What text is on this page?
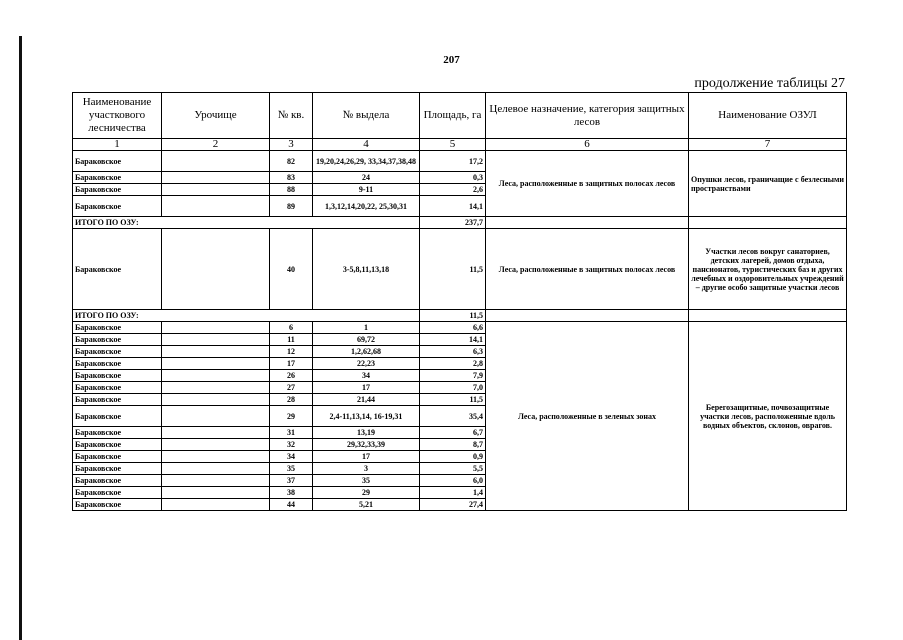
207
продолжение таблицы 27
Наименование участкового лесничества	Урочище	№ кв.	№ выдела	Площадь, га	Целевое назначение, категория защитных лесов	Наименование ОЗУЛ
1	2	3	4	5	6	7
Бараковское		82	19,20,24,26,29, 33,34,37,38,48	17,2	Леса, расположенные в защитных полосах лесов	Опушки лесов, граничащие с безлесными пространствами
Бараковское		83	24	0,3		
Бараковское		88	9-11	2,6		
Бараковское		89	1,3,12,14,20,22, 25,30,31	14,1		
ИТОГО ПО ОЗУ:				237,7		
Бараковское		40	3-5,8,11,13,18	11,5	Леса, расположенные в защитных полосах лесов	Участки лесов вокруг санаториев, детских лагерей, домов отдыха, пансионатов, туристических баз и других лечебных и оздоровительных учреждений – другие особо защитные участки лесов
ИТОГО ПО ОЗУ:				11,5		
Бараковское		6	1	6,6	Леса, расположенные в зеленых зонах	Берегозащитные, почвозащитные участки лесов, расположенные вдоль водных объектов, склонов, оврагов.
Бараковское		11	69,72	14,1		
Бараковское		12	1,2,62,68	6,3		
Бараковское		17	22,23	2,8		
Бараковское		26	34	7,9		
Бараковское		27	17	7,0		
Бараковское		28	21,44	11,5		
Бараковское		29	2,4-11,13,14, 16-19,31	35,4		
Бараковское		31	13,19	6,7		
Бараковское		32	29,32,33,39	8,7		
Бараковское		34	17	0,9		
Бараковское		35	3	5,5		
Бараковское		37	35	6,0		
Бараковское		38	29	1,4		
Бараковское		44	5,21	27,4		
